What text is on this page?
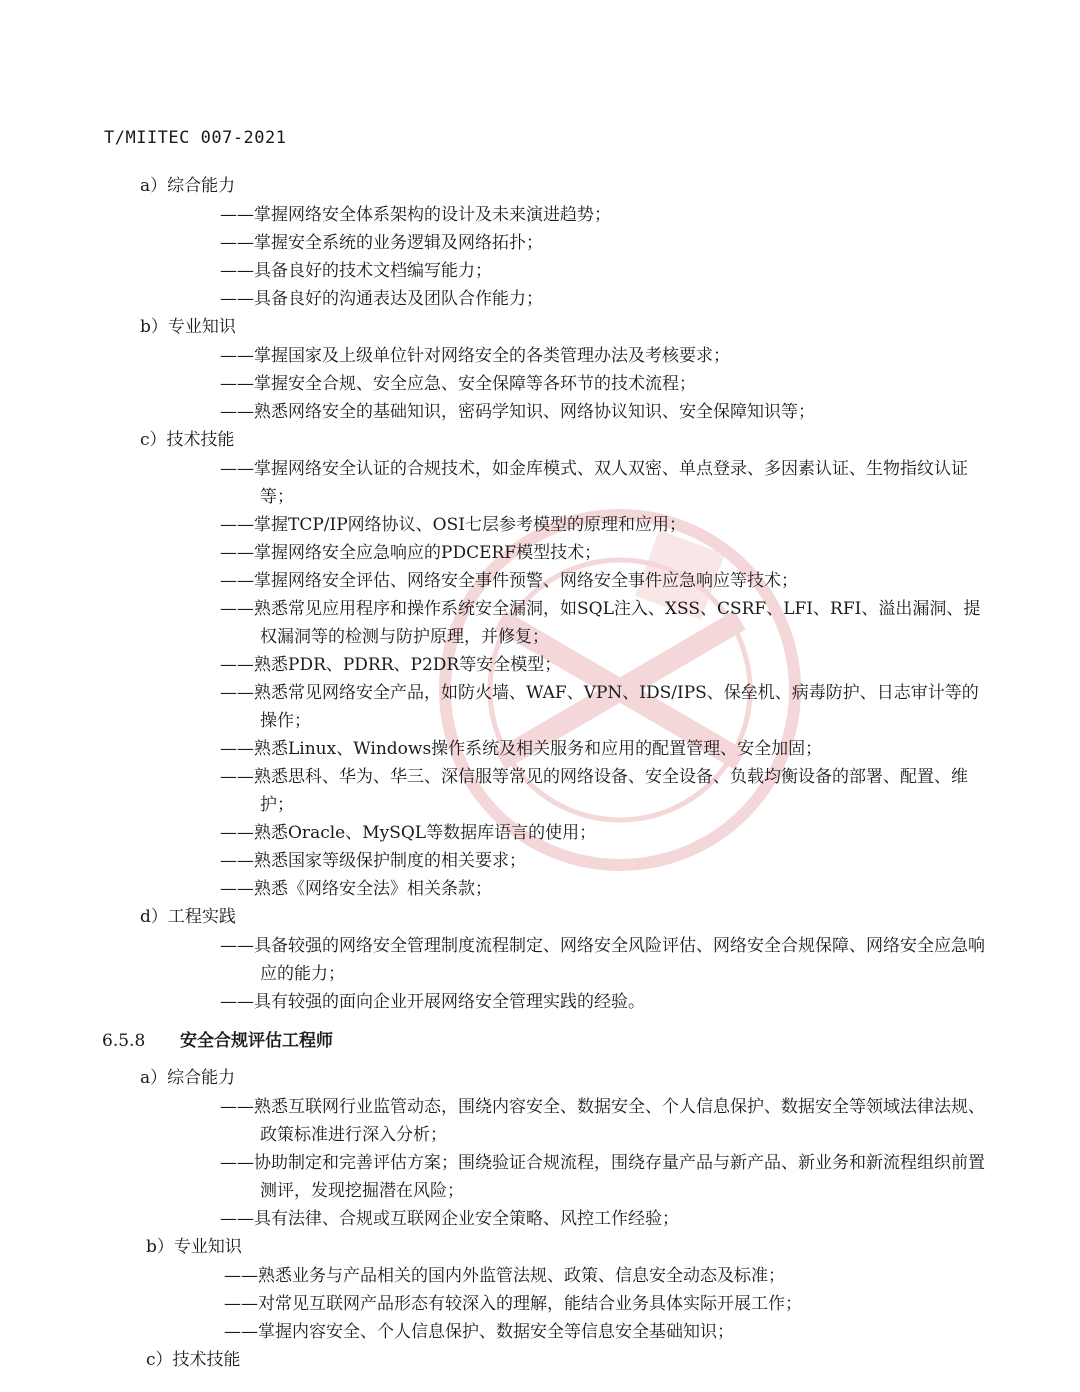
T/MIITEC 007-2021
a）综合能力
——掌握网络安全体系架构的设计及未来演进趋势；
——掌握安全系统的业务逻辑及网络拓扑；
——具备良好的技术文档编写能力；
——具备良好的沟通表达及团队合作能力；
b）专业知识
——掌握国家及上级单位针对网络安全的各类管理办法及考核要求；
——掌握安全合规、安全应急、安全保障等各环节的技术流程；
——熟悉网络安全的基础知识，密码学知识、网络协议知识、安全保障知识等；
c）技术技能
——掌握网络安全认证的合规技术，如金库模式、双人双密、单点登录、多因素认证、生物指纹认证等；
——掌握TCP/IP网络协议、OSI七层参考模型的原理和应用；
——掌握网络安全应急响应的PDCERF模型技术；
——掌握网络安全评估、网络安全事件预警、网络安全事件应急响应等技术；
——熟悉常见应用程序和操作系统安全漏洞，如SQL注入、XSS、CSRF、LFI、RFI、溢出漏洞、提权漏洞等的检测与防护原理，并修复；
——熟悉PDR、PDRR、P2DR等安全模型；
——熟悉常见网络安全产品，如防火墙、WAF、VPN、IDS/IPS、保垒机、病毒防护、日志审计等的操作；
——熟悉Linux、Windows操作系统及相关服务和应用的配置管理、安全加固；
——熟悉思科、华为、华三、深信服等常见的网络设备、安全设备、负载均衡设备的部署、配置、维护；
——熟悉Oracle、MySQL等数据库语言的使用；
——熟悉国家等级保护制度的相关要求；
——熟悉《网络安全法》相关条款；
d）工程实践
——具备较强的网络安全管理制度流程制定、网络安全风险评估、网络安全合规保障、网络安全应急响应的能力；
——具有较强的面向企业开展网络安全管理实践的经验。
6.5.8 安全合规评估工程师
a）综合能力
——熟悉互联网行业监管动态，围绕内容安全、数据安全、个人信息保护、数据安全等领域法律法规、政策标准进行深入分析；
——协助制定和完善评估方案；围绕验证合规流程，围绕存量产品与新产品、新业务和新流程组织前置测评，发现挖掘潜在风险；
——具有法律、合规或互联网企业安全策略、风控工作经验；
b）专业知识
——熟悉业务与产品相关的国内外监管法规、政策、信息安全动态及标准；
——对常见互联网产品形态有较深入的理解，能结合业务具体实际开展工作；
——掌握内容安全、个人信息保护、数据安全等信息安全基础知识；
c）技术技能
